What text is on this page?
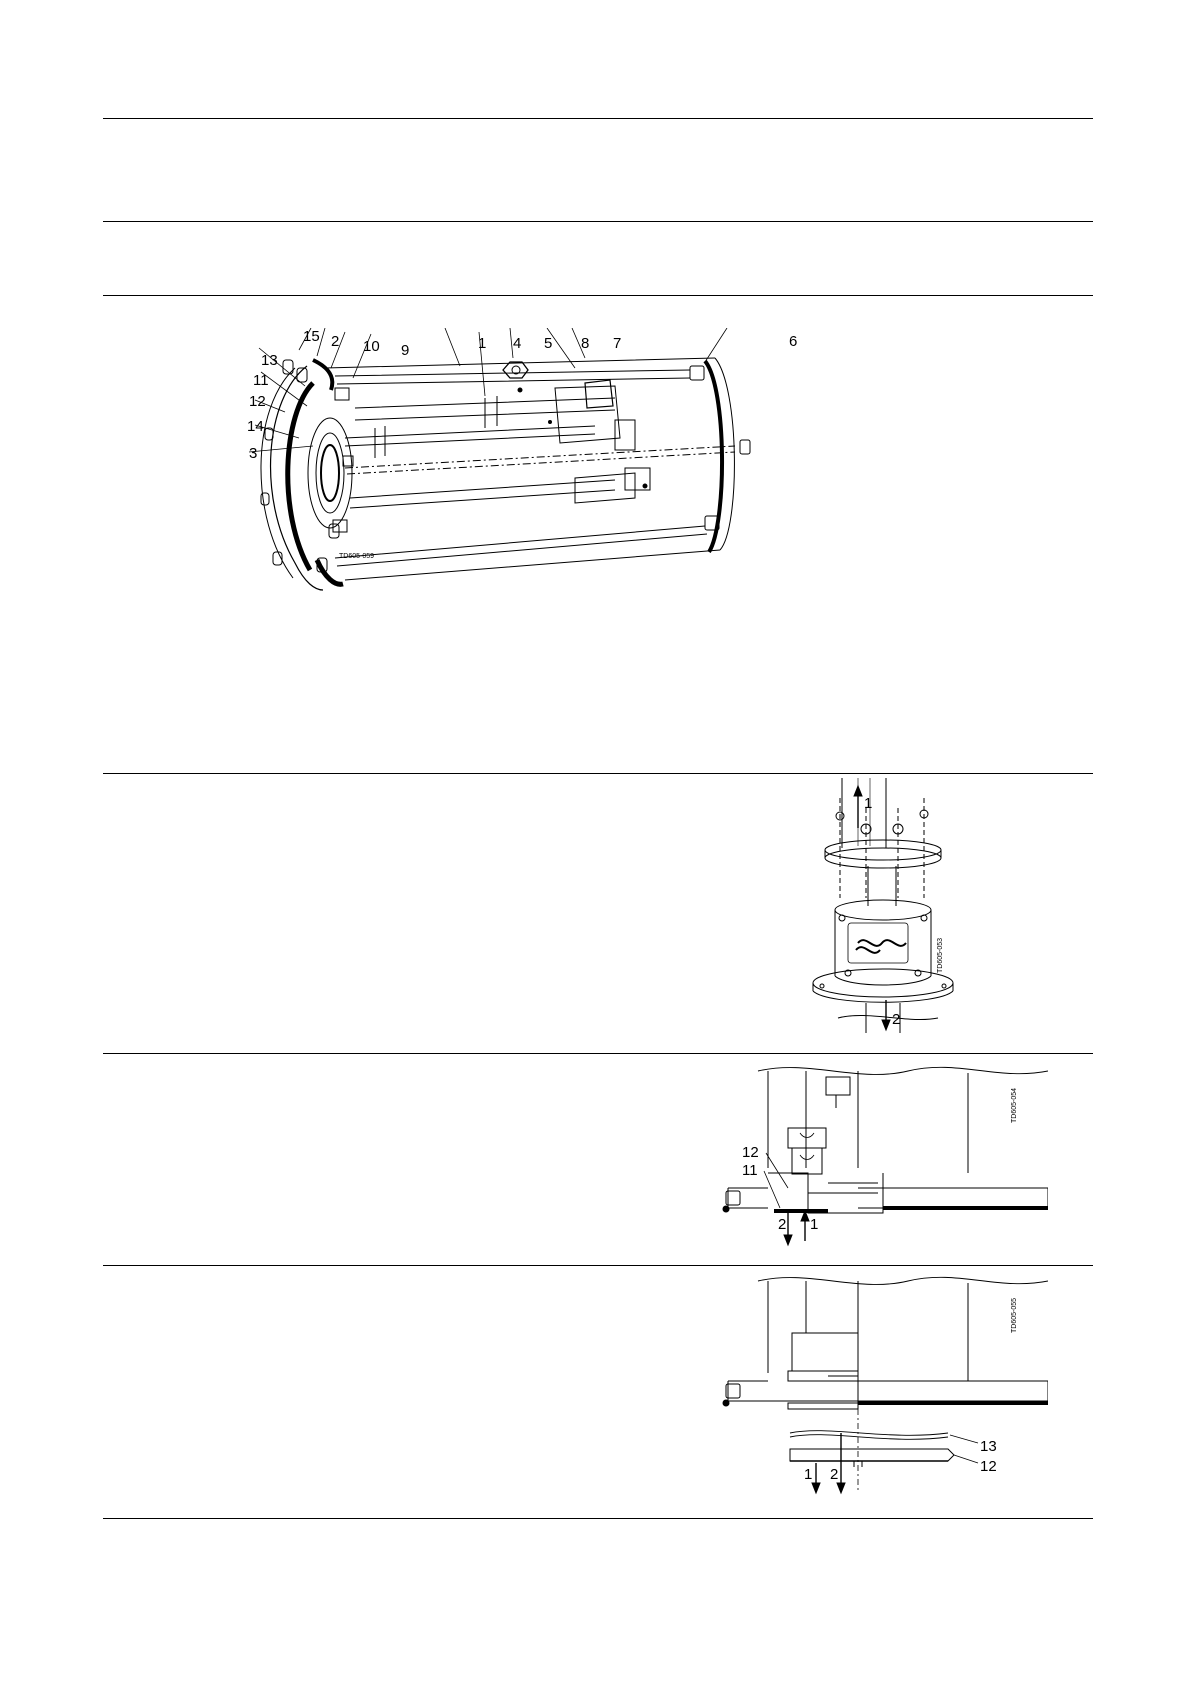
15 2 10 9	1 4 5 8 7	6
13
11
12
14
3
TD605-059
1
2
TD605-053
12
11
2 1
TD605-054
13
12
1 2
TD605-055
